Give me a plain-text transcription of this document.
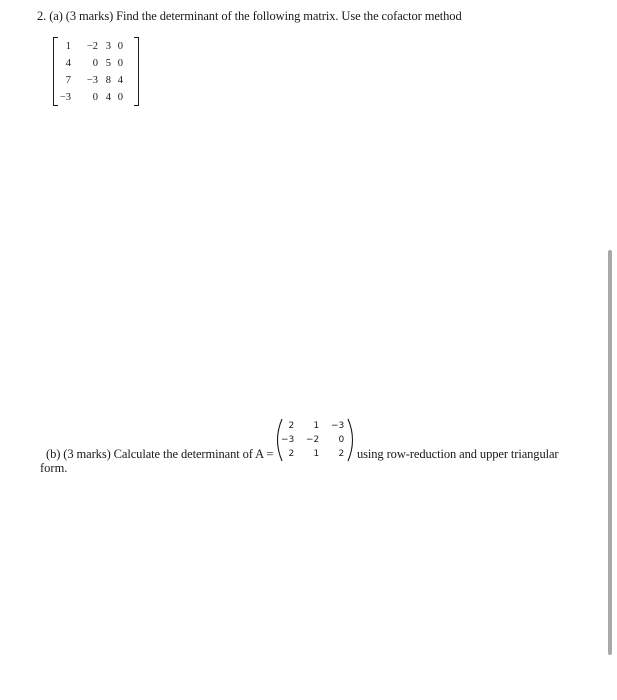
2. (a) (3 marks) Find the determinant of the following matrix. Use the cofactor method
1	−2	3	0
4	0	5	0
7	−3	8	4
−3	0	4	0
(b) (3 marks) Calculate the determinant of A =
2	1	−3
−3	−2	0
2	1	2 using row-reduction and upper triangular
form.
